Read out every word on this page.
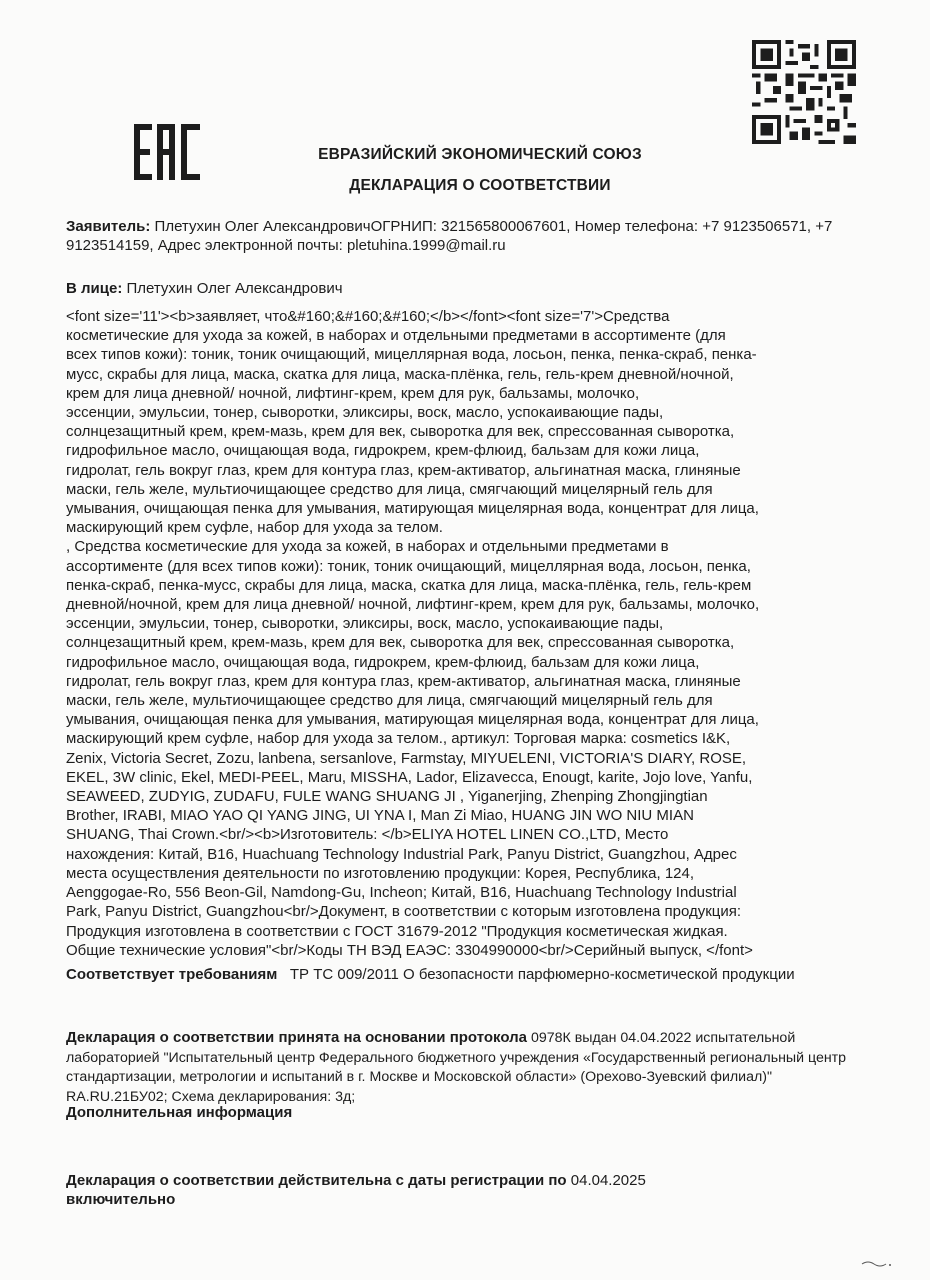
ЕВРАЗИЙСКИЙ ЭКОНОМИЧЕСКИЙ СОЮЗ
ДЕКЛАРАЦИЯ О СООТВЕТСТВИИ
Заявитель: Плетухин Олег АлександровичОГРНИП: 321565800067601, Номер телефона: +7 9123506571, +7 9123514159, Адрес электронной почты: pletuhina.1999@mail.ru
В лице: Плетухин Олег Александрович
<font size='11'><b>заявляет, что&#160;&#160;&#160;</b></font><font size='7'>Средства
косметические для ухода за кожей, в наборах и отдельными предметами в ассортименте (для
всех типов кожи): тоник, тоник очищающий, мицеллярная вода, лосьон, пенка, пенка-скраб, пенка-
мусс, скрабы для лица, маска, скатка для лица, маска-плёнка, гель, гель-крем дневной/ночной,
крем для лица дневной/ ночной, лифтинг-крем, крем для рук, бальзамы, молочко,
эссенции, эмульсии, тонер, сыворотки, эликсиры, воск, масло, успокаивающие пады,
солнцезащитный крем, крем-мазь, крем для век, сыворотка для век, спрессованная сыворотка,
гидрофильное масло, очищающая вода, гидрокрем, крем-флюид, бальзам для кожи лица,
гидролат, гель вокруг глаз, крем для контура глаз, крем-активатор, альгинатная маска, глиняные
маски, гель желе, мультиочищающее средство для лица, смягчающий мицелярный гель для
умывания, очищающая пенка для умывания, матирующая мицелярная вода, концентрат для лица,
маскирующий крем суфле, набор для ухода за телом.
, Средства косметические для ухода за кожей, в наборах и отдельными предметами в
ассортименте (для всех типов кожи): тоник, тоник очищающий, мицеллярная вода, лосьон, пенка,
пенка-скраб, пенка-мусс, скрабы для лица, маска, скатка для лица, маска-плёнка, гель, гель-крем
дневной/ночной, крем для лица дневной/ ночной, лифтинг-крем, крем для рук, бальзамы, молочко,
эссенции, эмульсии, тонер, сыворотки, эликсиры, воск, масло, успокаивающие пады,
солнцезащитный крем, крем-мазь, крем для век, сыворотка для век, спрессованная сыворотка,
гидрофильное масло, очищающая вода, гидрокрем, крем-флюид, бальзам для кожи лица,
гидролат, гель вокруг глаз, крем для контура глаз, крем-активатор, альгинатная маска, глиняные
маски, гель желе, мультиочищающее средство для лица, смягчающий мицелярный гель для
умывания, очищающая пенка для умывания, матирующая мицелярная вода, концентрат для лица,
маскирующий крем суфле, набор для ухода за телом., артикул: Торговая марка: cosmetics I&K,
Zenix, Victoria Secret, Zozu, lanbena, sersanlove, Farmstay, MIYUELENI, VICTORIA'S DIARY, ROSE,
EKEL, 3W clinic, Ekel, MEDI-PEEL, Maru, MISSHA, Lador, Elizavecca, Enougt, karite, Jojo love, Yanfu,
SEAWEED, ZUDYIG, ZUDAFU, FULE WANG SHUANG JI , Yiganerjing, Zhenping Zhongjingtian
Brother, IRABI, MIAO YAO QI YANG JING, UI YNA I, Man Zi Miao, HUANG JIN WO NIU MIAN
SHUANG, Thai Crown.<br/><b>Изготовитель: </b>ELIYA HOTEL LINEN CO.,LTD, Место
нахождения: Китай, B16, Huachuang Technology Industrial Park, Panyu District, Guangzhou, Адрес
места осуществления деятельности по изготовлению продукции: Корея, Республика, 124,
Aenggogae-Ro, 556 Beon-Gil, Namdong-Gu, Incheon; Китай, B16, Huachuang Technology Industrial
Park, Panyu District, Guangzhou<br/>Документ, в соответствии с которым изготовлена продукция:
Продукция изготовлена в соответствии с ГОСТ 31679-2012 "Продукция косметическая жидкая.
Общие технические условия"<br/>Коды ТН ВЭД ЕАЭС: 3304990000<br/>Серийный выпуск, </font>
Соответствует требованиям ТР ТС 009/2011 О безопасности парфюмерно-косметической продукции
Декларация о соответствии принята на основании протокола 0978К выдан 04.04.2022 испытательной лабораторией "Испытательный центр Федерального бюджетного учреждения «Государственный региональный центр стандартизации, метрологии и испытаний в г. Москве и Московской области» (Орехово-Зуевский филиал)" RA.RU.21БУ02; Схема декларирования: 3д;
Дополнительная информация
Декларация о соответствии действительна с даты регистрации по 04.04.2025
включительно
